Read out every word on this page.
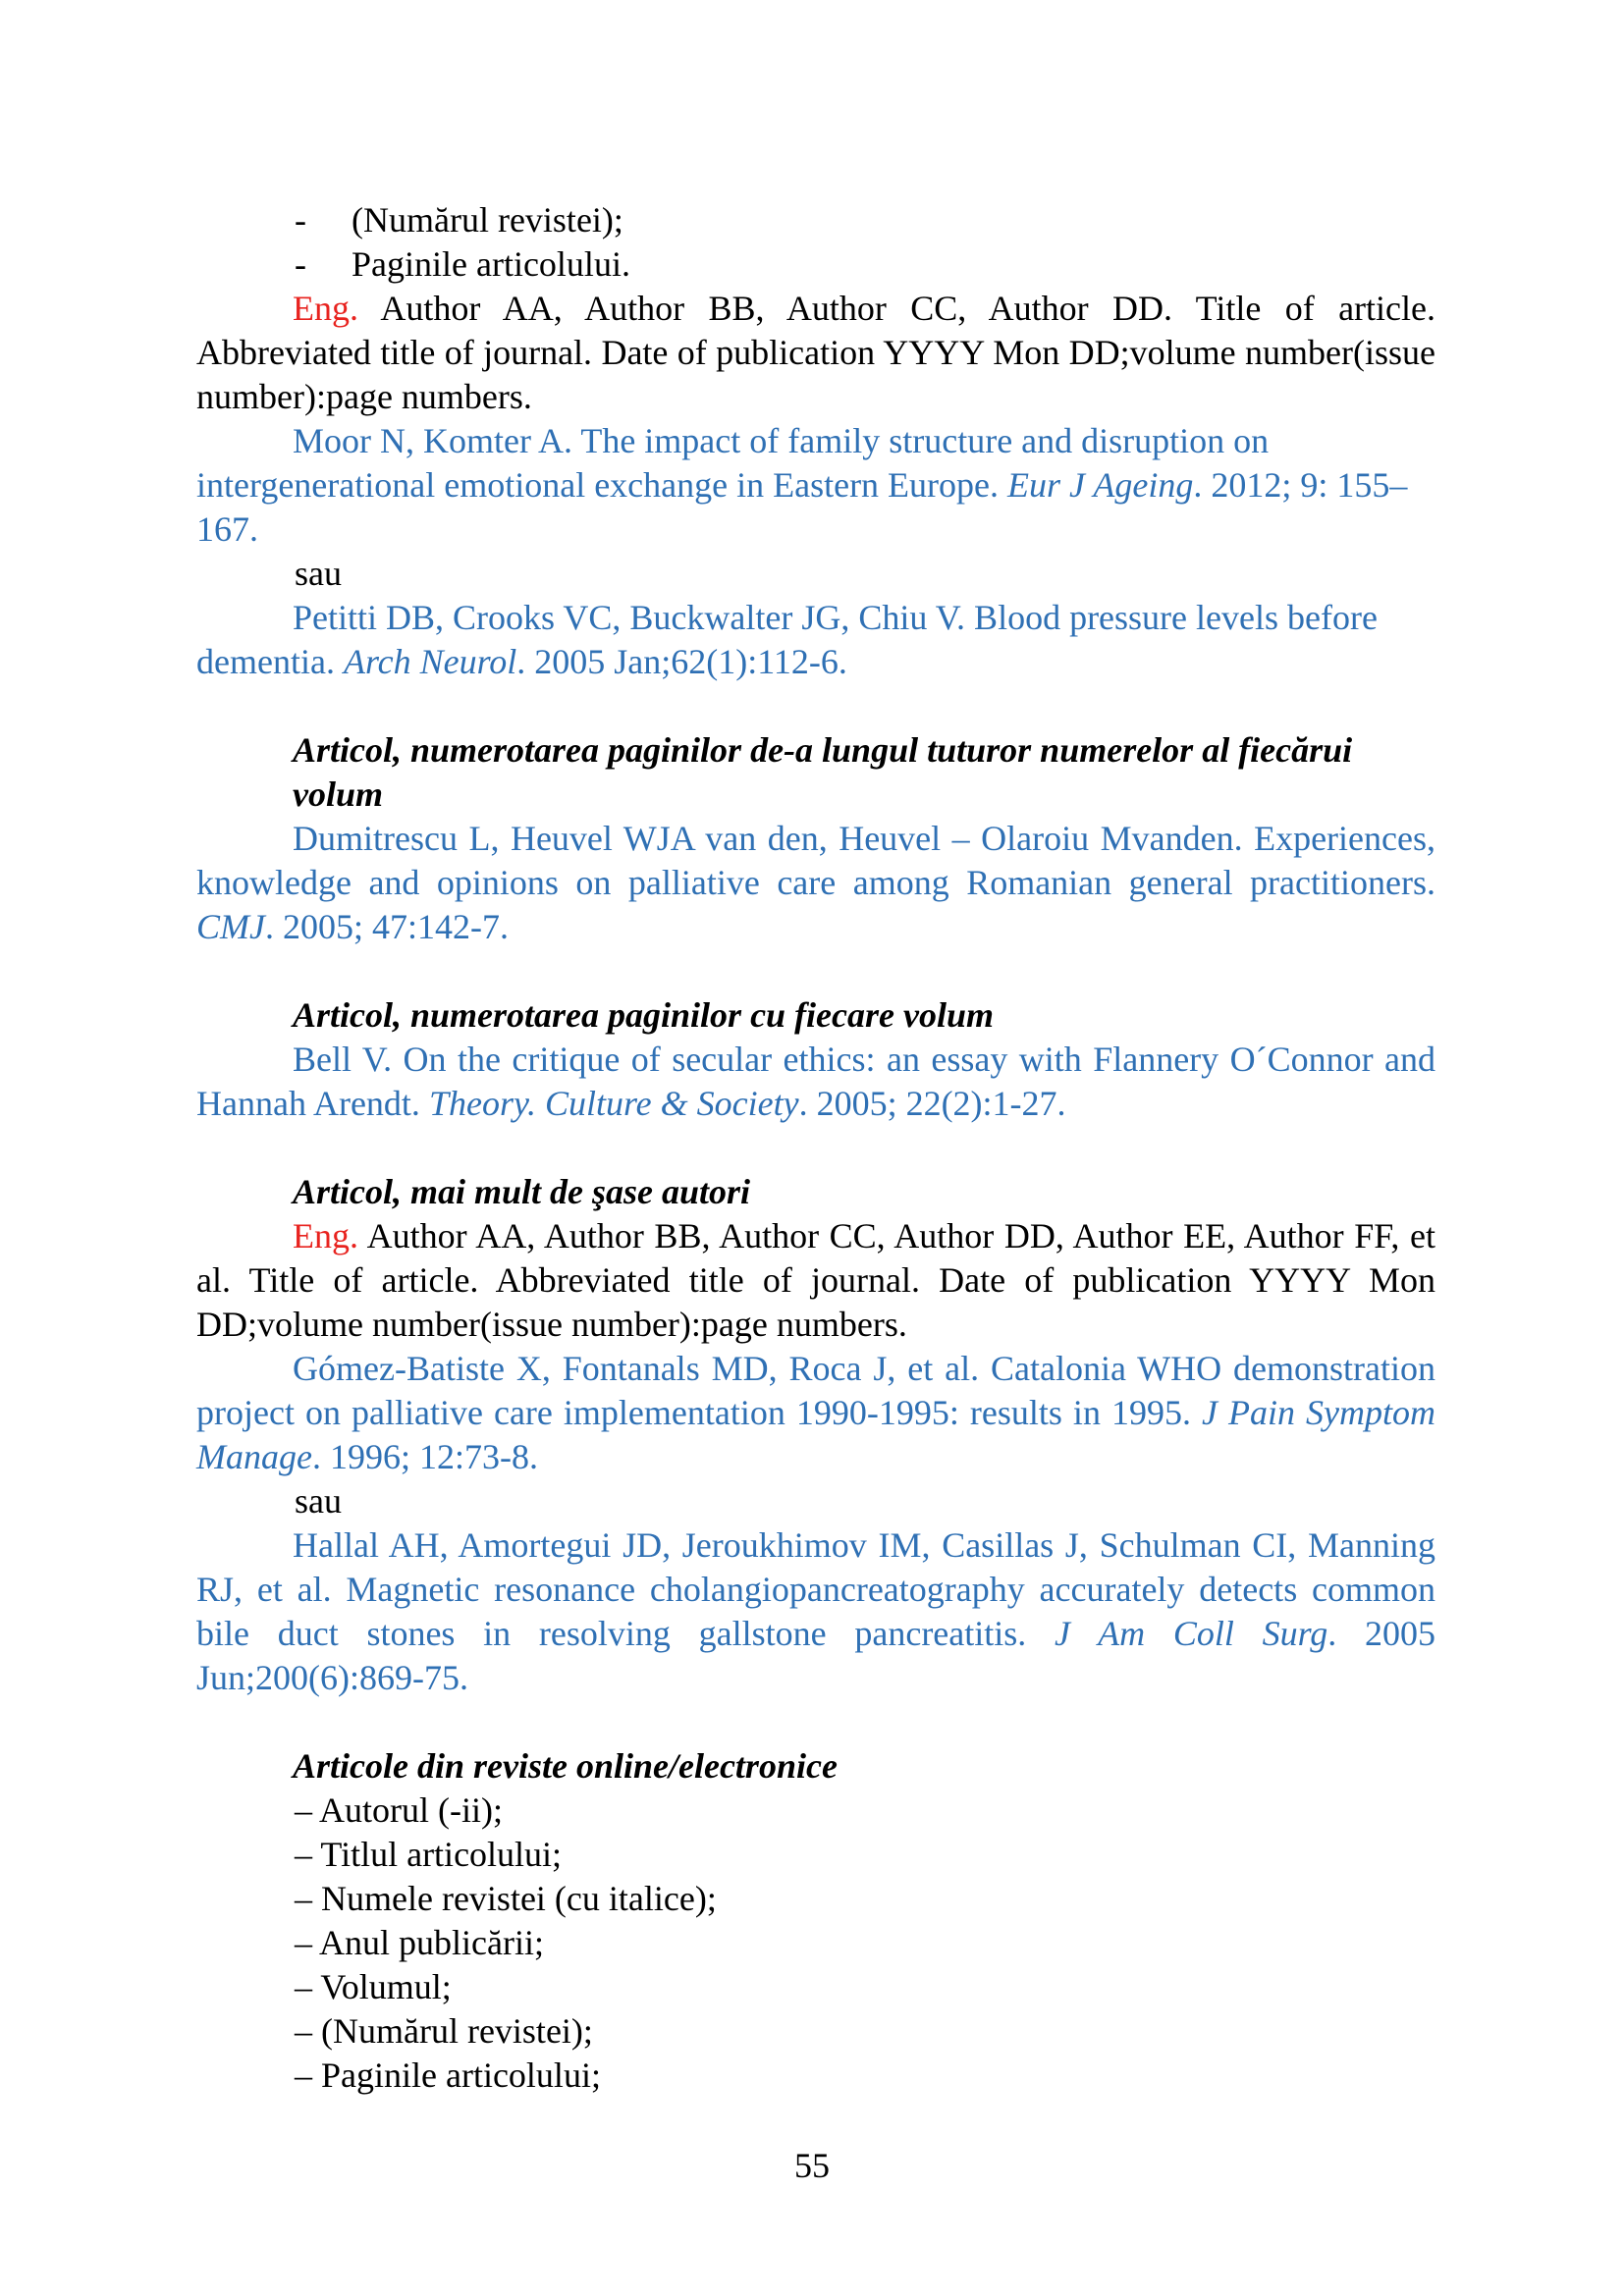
- (Numărul revistei);
- Paginile articolului.
Eng. Author AA, Author BB, Author CC, Author DD. Title of article. Abbreviated title of journal. Date of publication YYYY Mon DD;volume number(issue number):page numbers.
Moor N, Komter A. The impact of family structure and disruption on intergenerational emotional exchange in Eastern Europe. Eur J Ageing. 2012; 9: 155–167.
sau
Petitti DB, Crooks VC, Buckwalter JG, Chiu V. Blood pressure levels before dementia. Arch Neurol. 2005 Jan;62(1):112-6.
Articol, numerotarea paginilor de-a lungul tuturor numerelor al fiecărui volum
Dumitrescu L, Heuvel WJA van den, Heuvel – Olaroiu Mvanden. Experiences, knowledge and opinions on palliative care among Romanian general practitioners. CMJ. 2005; 47:142-7.
Articol, numerotarea paginilor cu fiecare volum
Bell V. On the critique of secular ethics: an essay with Flannery O´Connor and Hannah Arendt. Theory. Culture & Society. 2005; 22(2):1-27.
Articol, mai mult de şase autori
Eng. Author AA, Author BB, Author CC, Author DD, Author EE, Author FF, et al. Title of article. Abbreviated title of journal. Date of publication YYYY Mon DD;volume number(issue number):page numbers.
Gómez-Batiste X, Fontanals MD, Roca J, et al. Catalonia WHO demonstration project on palliative care implementation 1990-1995: results in 1995. J Pain Symptom Manage. 1996; 12:73-8.
sau
Hallal AH, Amortegui JD, Jeroukhimov IM, Casillas J, Schulman CI, Manning RJ, et al. Magnetic resonance cholangiopancreatography accurately detects common bile duct stones in resolving gallstone pancreatitis. J Am Coll Surg. 2005 Jun;200(6):869-75.
Articole din reviste online/electronice
– Autorul (-ii);
– Titlul articolului;
– Numele revistei (cu italice);
– Anul publicării;
– Volumul;
– (Numărul revistei);
– Paginile articolului;
55
